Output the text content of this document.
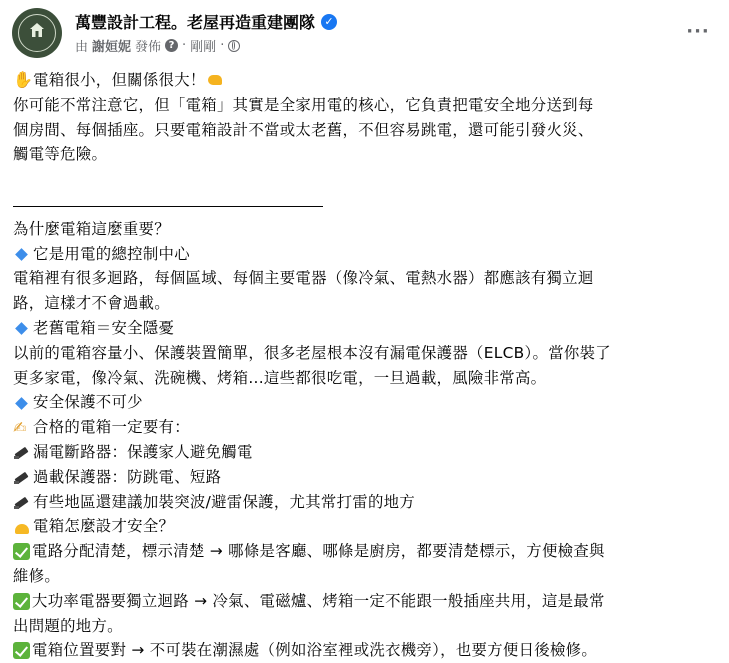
萬豐設計工程。老屋再造重建團隊 ✓
由 謝姮妮 發佈 ? · 剛剛 ·
···
✋
電箱很小，但關係很大！
你可能不常注意它，但「電箱」其實是全家用電的核心，它負責把電安全地分送到每
個房間、每個插座。只要電箱設計不當或太老舊，不但容易跳電，還可能引發火災、
觸電等危險。
為什麼電箱這麼重要？
它是用電的總控制中心
電箱裡有很多迴路，每個區域、每個主要電器（像冷氣、電熱水器）都應該有獨立迴
路，這樣才不會過載。
老舊電箱＝安全隱憂
以前的電箱容量小、保護裝置簡單，很多老屋根本沒有漏電保護器（ELCB）。當你裝了
更多家電，像冷氣、洗碗機、烤箱...這些都很吃電，一旦過載，風險非常高。
安全保護不可少
✍
合格的電箱一定要有：
漏電斷路器：保護家人避免觸電
過載保護器：防跳電、短路
有些地區還建議加裝突波/避雷保護，尤其常打雷的地方
電箱怎麼設才安全？
電路分配清楚，標示清楚 → 哪條是客廳、哪條是廚房，都要清楚標示，方便檢查與
維修。
大功率電器要獨立迴路 → 冷氣、電磁爐、烤箱一定不能跟一般插座共用，這是最常
出問題的地方。
電箱位置要對 → 不可裝在潮濕處（例如浴室裡或洗衣機旁），也要方便日後檢修。
